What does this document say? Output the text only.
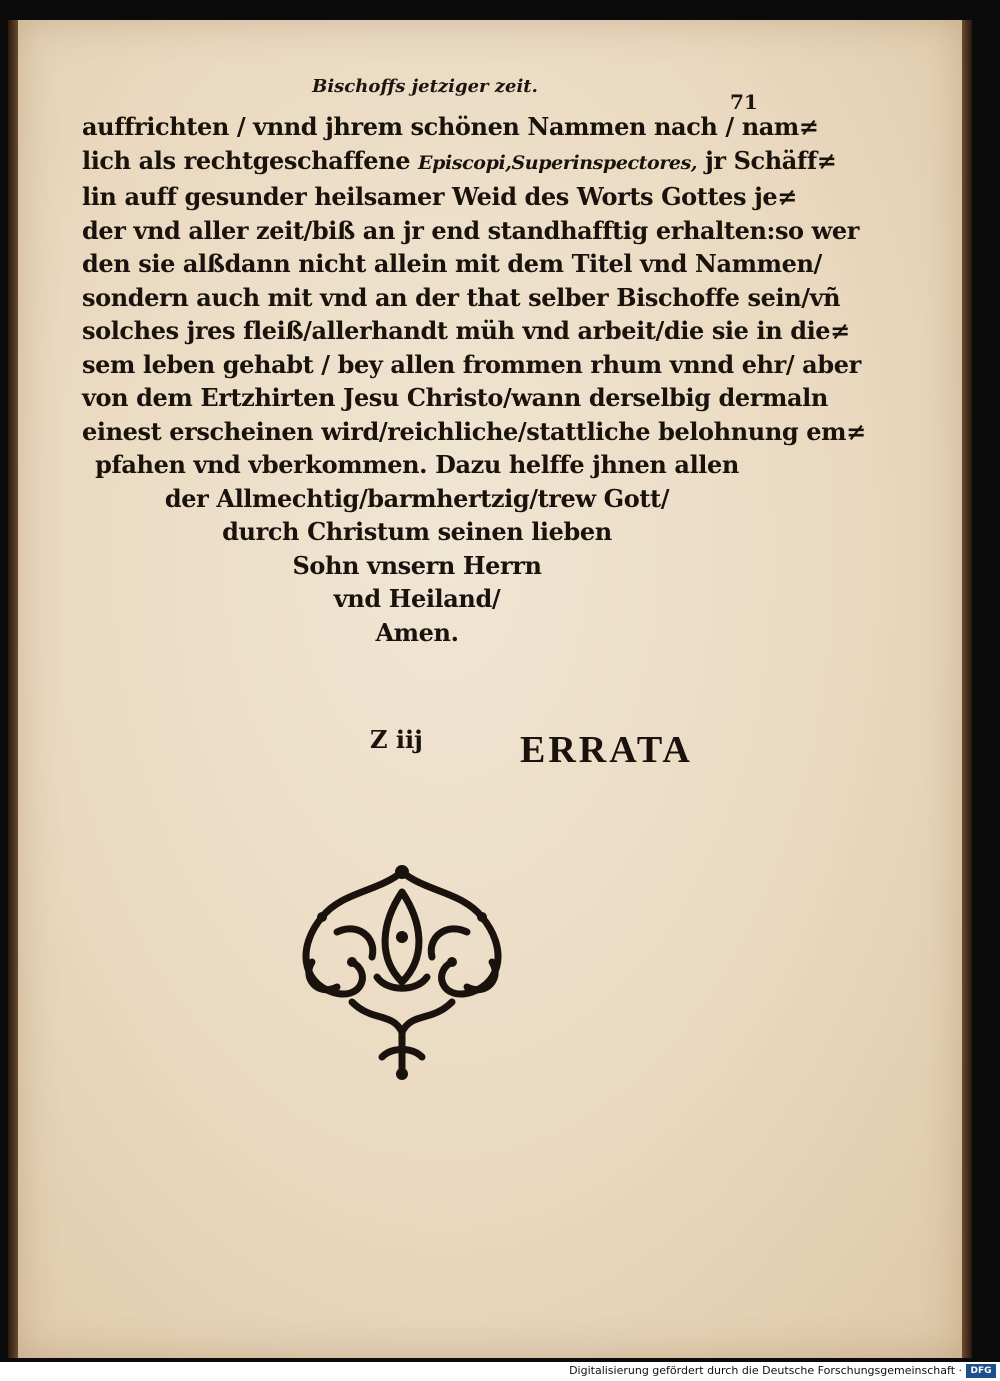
Bischoffs jetziger zeit.
71
auffrichten / vnnd jhrem schönen Nammen nach / nam≠
lich als rechtgeschaffene Episcopi,Superinspectores, jr Schäff≠
lin auff gesunder heilsamer Weid des Worts Gottes je≠
der vnd aller zeit/biß an jr end standhafftig erhalten:so wer
den sie alßdann nicht allein mit dem Titel vnd Nammen/
sondern auch mit vnd an der that selber Bischoffe sein/vñ
solches jres fleiß/allerhandt müh vnd arbeit/die sie in die≠
sem leben gehabt / bey allen frommen rhum vnnd ehr/ aber
von dem Ertzhirten Jesu Christo/wann derselbig dermaln
einest erscheinen wird/reichliche/stattliche belohnung em≠
pfahen vnd vberkommen. Dazu helffe jhnen allen
der Allmechtig/barmhertzig/trew Gott/
durch Christum seinen lieben
Sohn vnsern Herrn
vnd Heiland/
Amen.
Z iij	ERRATA
Digitalisierung gefördert durch die Deutsche Forschungsgemeinschaft · DFG
